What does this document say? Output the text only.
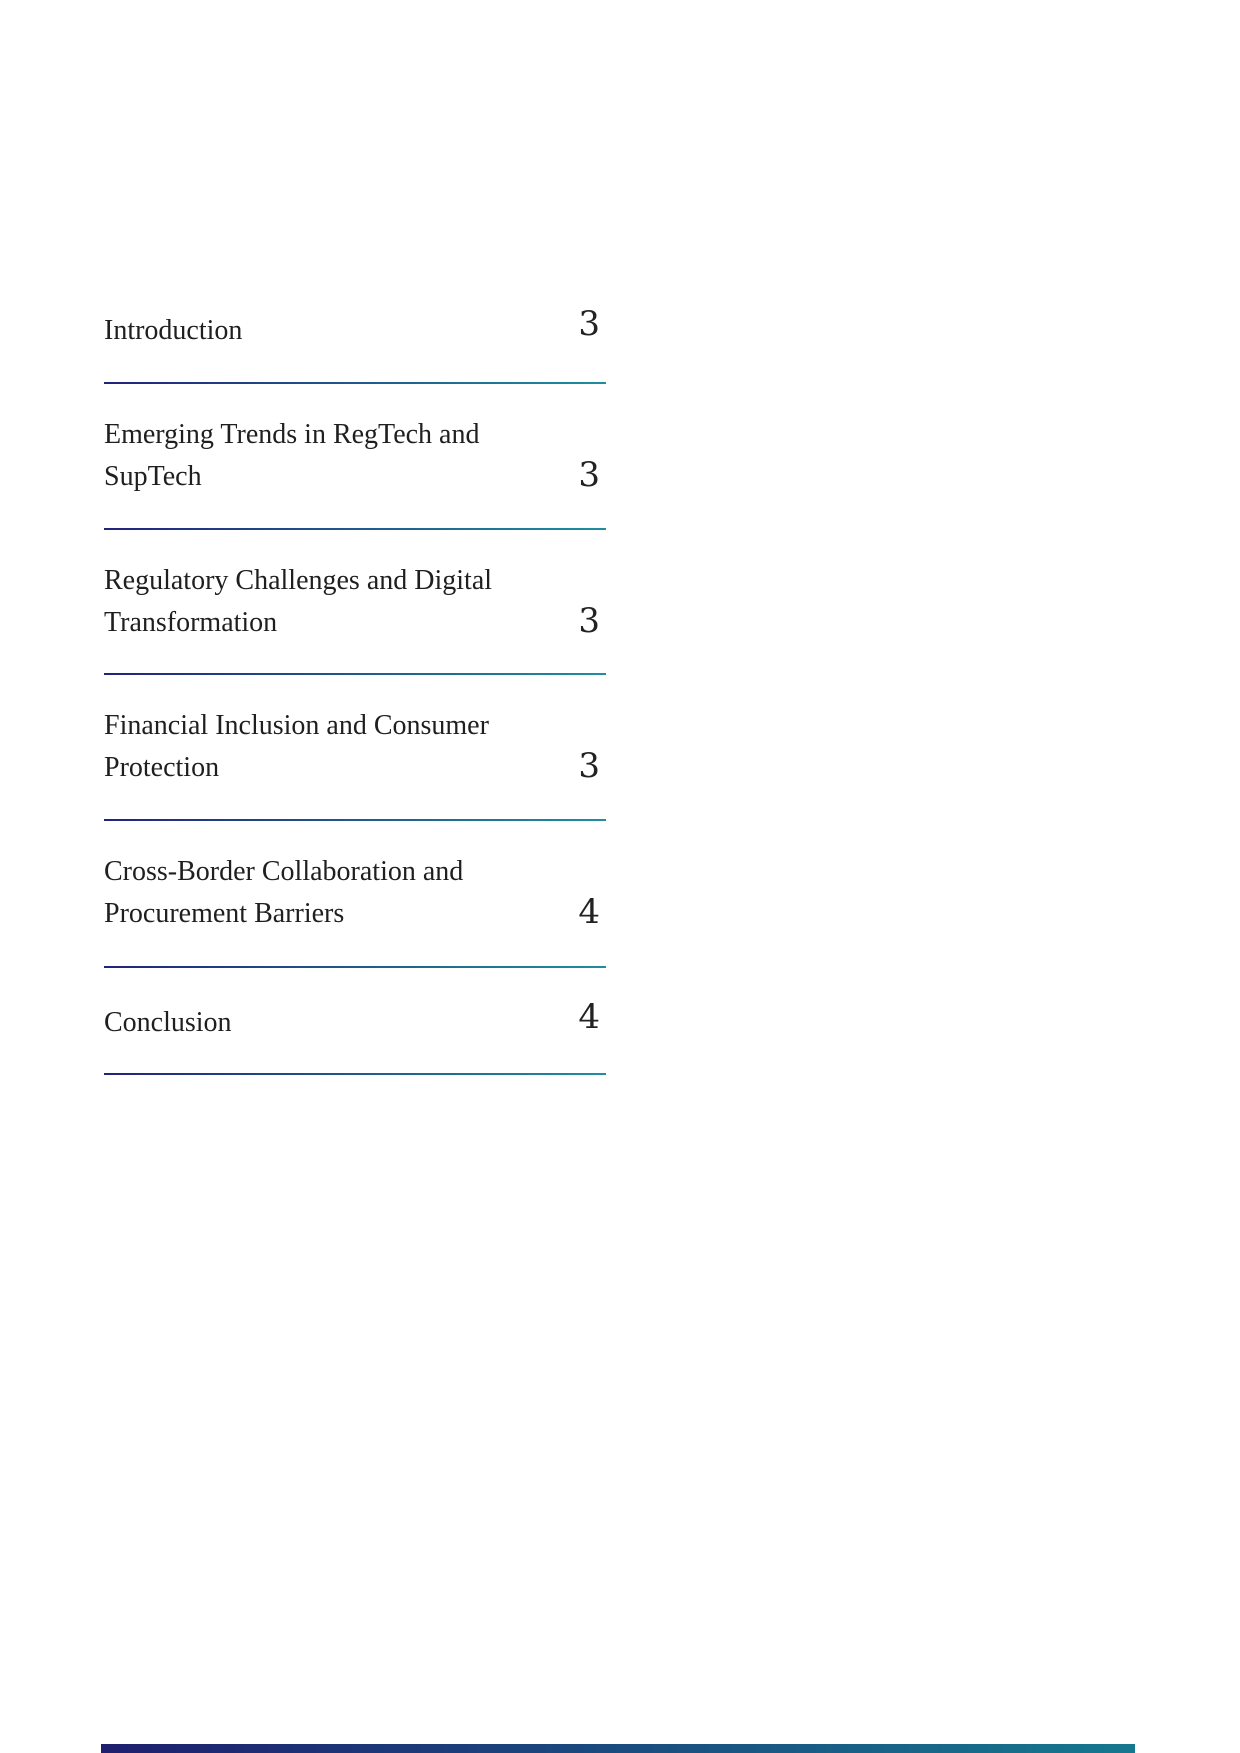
Introduction	3
Emerging Trends in RegTech and SupTech	3
Regulatory Challenges and Digital Transformation	3
Financial Inclusion and Consumer Protection	3
Cross-Border Collaboration and Procurement Barriers	4
Conclusion	4
